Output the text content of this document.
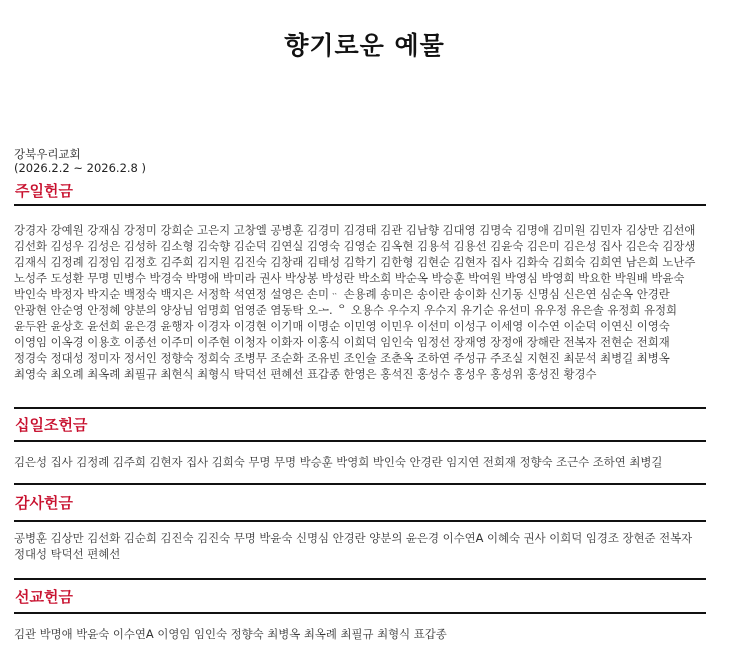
향기로운 예물
강북우리교회
(2026.2.2 ~ 2026.2.8 )
주일헌금

강경자 강예원 강재심 강정미 강희순 고은지 고창엘 공병훈 김경미 김경태 김관 김남향 김대영 김명숙 김명애 김미원 김민자 김상만 김선애 김선화 김성우 김성은 김성하 김소형 김숙향 김순덕 김연실 김영숙 김영순 김옥현 김용석 김용선 김윤숙 김은미 김은성 집사 김은숙 김장생 김재식 김정례 김정임 김정호 김주희 김지원 김진숙 김창래 김태성 김학기 김한형 김현순 김현자 집사 김화숙 김희숙 김희연 남은희 노난주 노성주 도성환 무명 민병수 박경숙 박명애 박미라 권사 박상봉 박성란 박소희 박순옥 박승훈 박여원 박영심 박영희 박요한 박원배 박윤숙 박인숙 박정자 박지순 백정숙 백지은 서정학 석연정 설영은 손미ᆢ 손용례 송미은 송이란 송이화 신기동 신명심 신은연 심순옥 안경란 안광현 안순영 안정혜 양분의 양상님 엄명희 엄영준 염동탁 오ᅩ. ᄋ 오용수 우수지 우수지 유기순 유선미 유우정 유은솔 유정희 유정희 윤두완 윤상호 윤선희 윤은경 윤행자 이경자 이경현 이기매 이명순 이민영 이민우 이선미 이성구 이세영 이수연 이순덕 이연신 이영숙 이영임 이옥경 이용호 이종선 이주미 이주현 이청자 이화자 이홍식 이희덕 임인숙 임정선 장재영 장정애 장해란 전복자 전현순 전희재 정경숙 정대성 정미자 정서인 정향숙 정희숙 조병무 조순화 조유빈 조인술 조춘옥 조하연 주성규 주조실 지현진 최문석 최병길 최병옥 최영숙 최오례 최옥례 최필규 최현식 최형식 탁덕선 편혜선 표갑종 한영은 홍석진 홍성수 홍성우 홍성위 홍성진 황경수

십일조헌금

김은성 집사 김정례 김주희 김현자 집사 김희숙 무명 무명 박승훈 박영희 박인숙 안경란 임지연 전희재 정향숙 조근수 조하연 최병길

감사헌금

공병훈 김상만 김선화 김순희 김진숙 김진숙 무명 박윤숙 신명심 안경란 양분의 윤은경 이수연A 이혜숙 권사 이희덕 임경조 장현준 전복자 정대성 탁덕선 편혜선

선교헌금

김관 박명애 박윤숙 이수연A 이영임 임인숙 정향숙 최병옥 최옥례 최필규 최형식 표갑종
